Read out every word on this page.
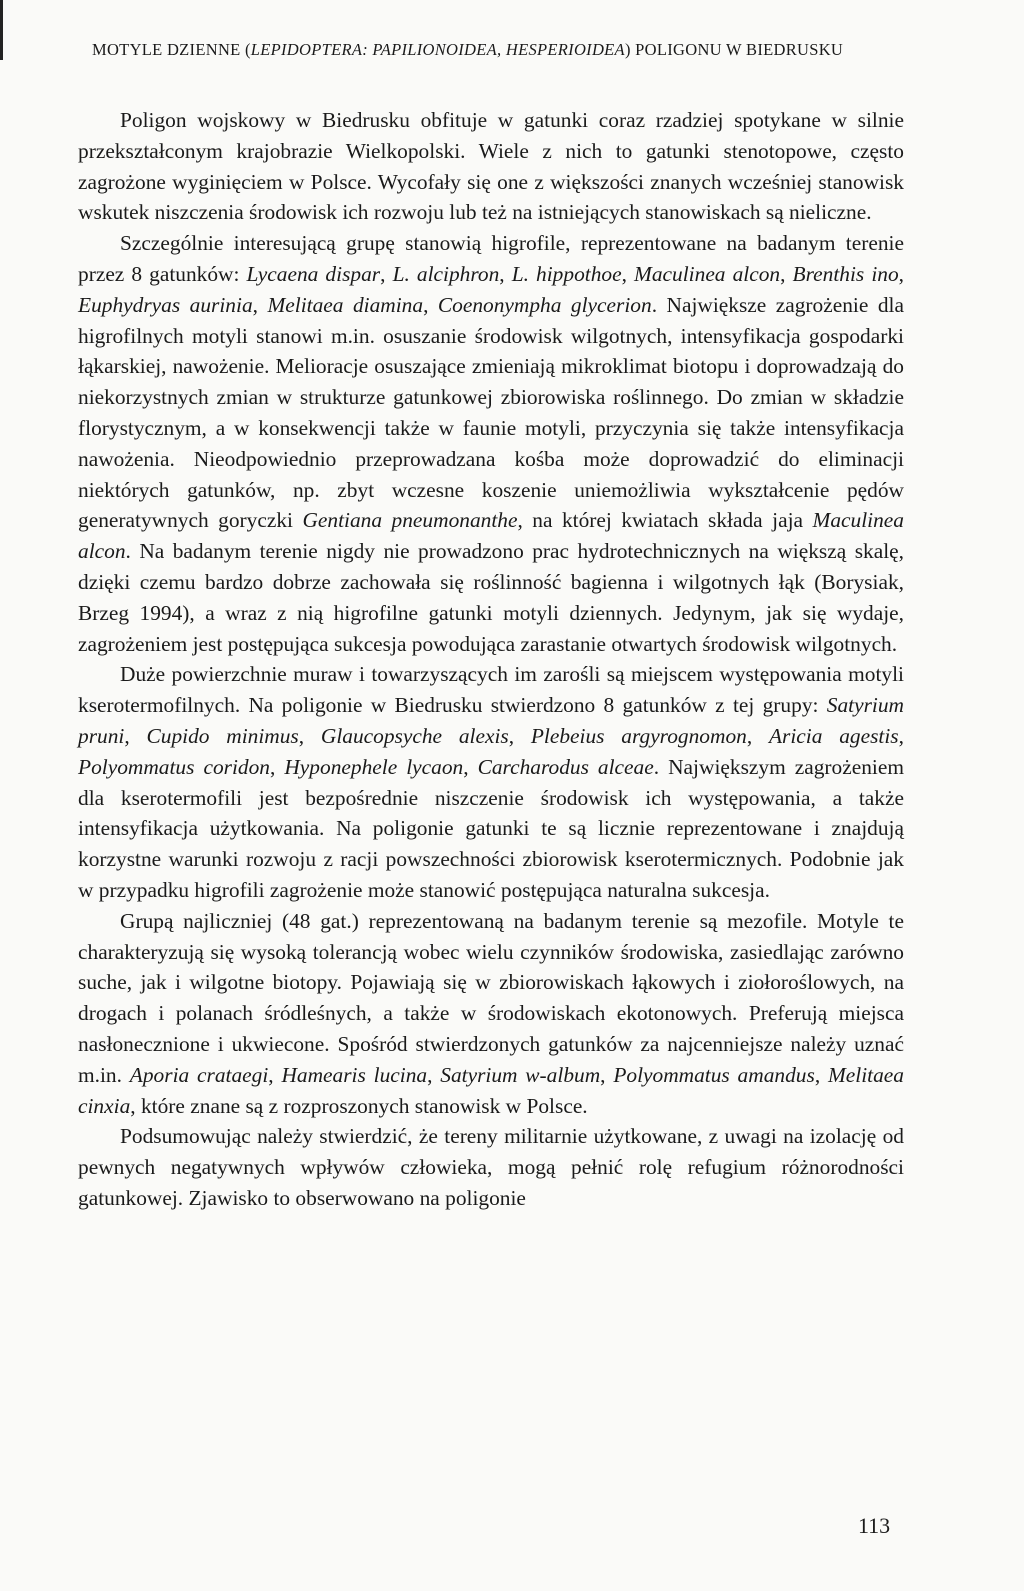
MOTYLE DZIENNE (LEPIDOPTERA: PAPILIONOIDEA, HESPERIOIDEA) POLIGONU W BIEDRUSKU

Poligon wojskowy w Biedrusku obfituje w gatunki coraz rzadziej spotykane w silnie przekształconym krajobrazie Wielkopolski. Wiele z nich to gatunki stenotopowe, często zagrożone wyginięciem w Polsce. Wycofały się one z większości znanych wcześniej stanowisk wskutek niszczenia środowisk ich rozwoju lub też na istniejących stanowiskach są nieliczne.

Szczególnie interesującą grupę stanowią higrofile, reprezentowane na badanym terenie przez 8 gatunków: Lycaena dispar, L. alciphron, L. hippothoe, Maculinea alcon, Brenthis ino, Euphydryas aurinia, Melitaea diamina, Coenonympha glycerion. Największe zagrożenie dla higrofilnych motyli stanowi m.in. osuszanie środowisk wilgotnych, intensyfikacja gospodarki łąkarskiej, nawożenie. Melioracje osuszające zmieniają mikroklimat biotopu i doprowadzają do niekorzystnych zmian w strukturze gatunkowej zbiorowiska roślinnego. Do zmian w składzie florystycznym, a w konsekwencji także w faunie motyli, przyczynia się także intensyfikacja nawożenia. Nieodpowiednio przeprowadzana kośba może doprowadzić do eliminacji niektórych gatunków, np. zbyt wczesne koszenie uniemożliwia wykształcenie pędów generatywnych goryczki Gentiana pneumonanthe, na której kwiatach składa jaja Maculinea alcon. Na badanym terenie nigdy nie prowadzono prac hydrotechnicznych na większą skalę, dzięki czemu bardzo dobrze zachowała się roślinność bagienna i wilgotnych łąk (Borysiak, Brzeg 1994), a wraz z nią higrofilne gatunki motyli dziennych. Jedynym, jak się wydaje, zagrożeniem jest postępująca sukcesja powodująca zarastanie otwartych środowisk wilgotnych.

Duże powierzchnie muraw i towarzyszących im zarośli są miejscem występowania motyli kserotermofilnych. Na poligonie w Biedrusku stwierdzono 8 gatunków z tej grupy: Satyrium pruni, Cupido minimus, Glaucopsyche alexis, Plebeius argyrognomon, Aricia agestis, Polyommatus coridon, Hyponephele lycaon, Carcharodus alceae. Największym zagrożeniem dla kserotermofili jest bezpośrednie niszczenie środowisk ich występowania, a także intensyfikacja użytkowania. Na poligonie gatunki te są licznie reprezentowane i znajdują korzystne warunki rozwoju z racji powszechności zbiorowisk kserotermicznych. Podobnie jak w przypadku higrofili zagrożenie może stanowić postępująca naturalna sukcesja.

Grupą najliczniej (48 gat.) reprezentowaną na badanym terenie są mezofile. Motyle te charakteryzują się wysoką tolerancją wobec wielu czynników środowiska, zasiedlając zarówno suche, jak i wilgotne biotopy. Pojawiają się w zbiorowiskach łąkowych i ziołoroślowych, na drogach i polanach śródleśnych, a także w środowiskach ekotonowych. Preferują miejsca nasłonecznione i ukwiecone. Spośród stwierdzonych gatunków za najcenniejsze należy uznać m.in. Aporia crataegi, Hamearis lucina, Satyrium w-album, Polyommatus amandus, Melitaea cinxia, które znane są z rozproszonych stanowisk w Polsce.

Podsumowując należy stwierdzić, że tereny militarnie użytkowane, z uwagi na izolację od pewnych negatywnych wpływów człowieka, mogą pełnić rolę refugium różnorodności gatunkowej. Zjawisko to obserwowano na poligonie

113
